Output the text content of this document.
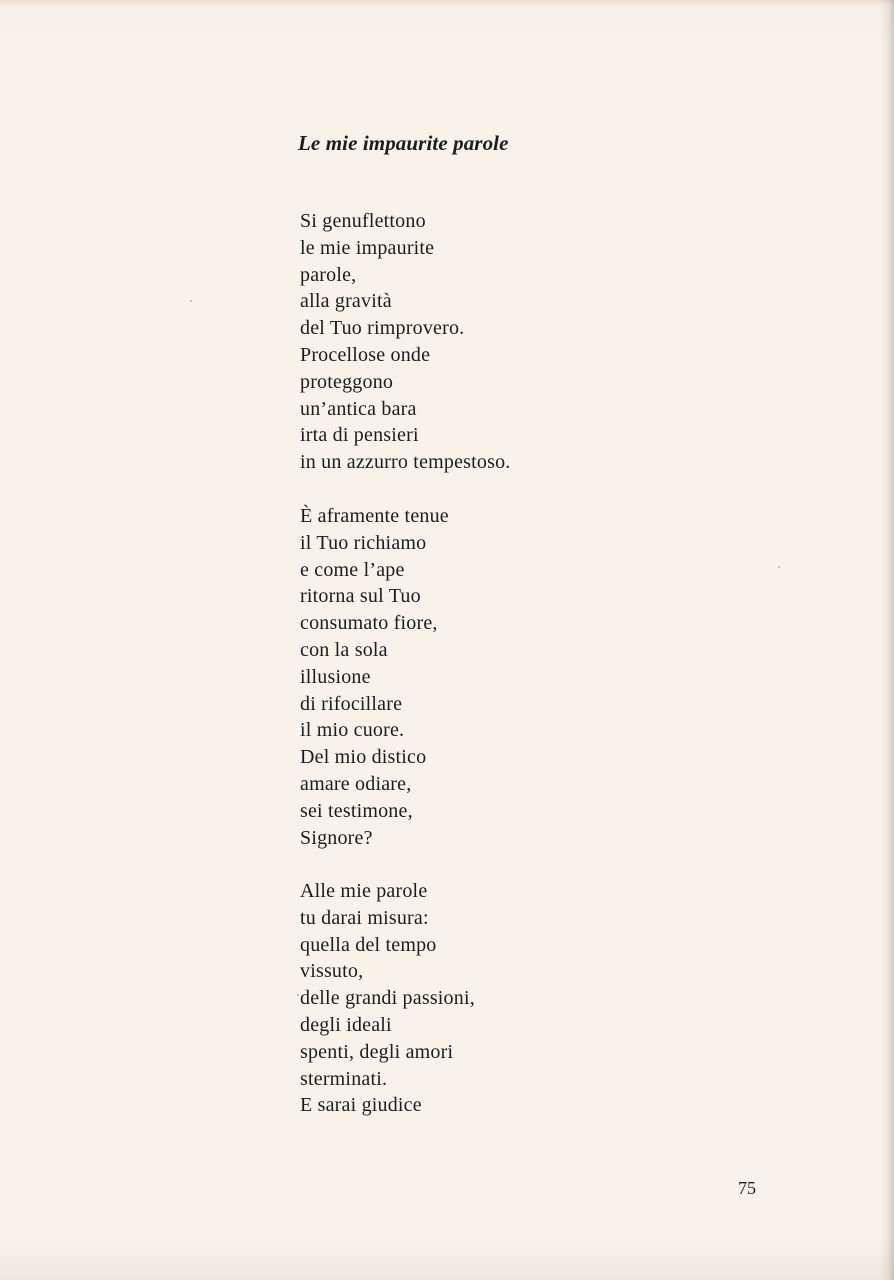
Le mie impaurite parole
Si genuflettono
le mie impaurite
parole,
alla gravità
del Tuo rimprovero.
Procellose onde
proteggono
un’antica bara
irta di pensieri
in un azzurro tempestoso.
È aframente tenue
il Tuo richiamo
e come l’ape
ritorna sul Tuo
consumato fiore,
con la sola
illusione
di rifocillare
il mio cuore.
Del mio distico
amare odiare,
sei testimone,
Signore?
Alle mie parole
tu darai misura:
quella del tempo
vissuto,
delle grandi passioni,
degli ideali
spenti, degli amori
sterminati.
E sarai giudice
75
